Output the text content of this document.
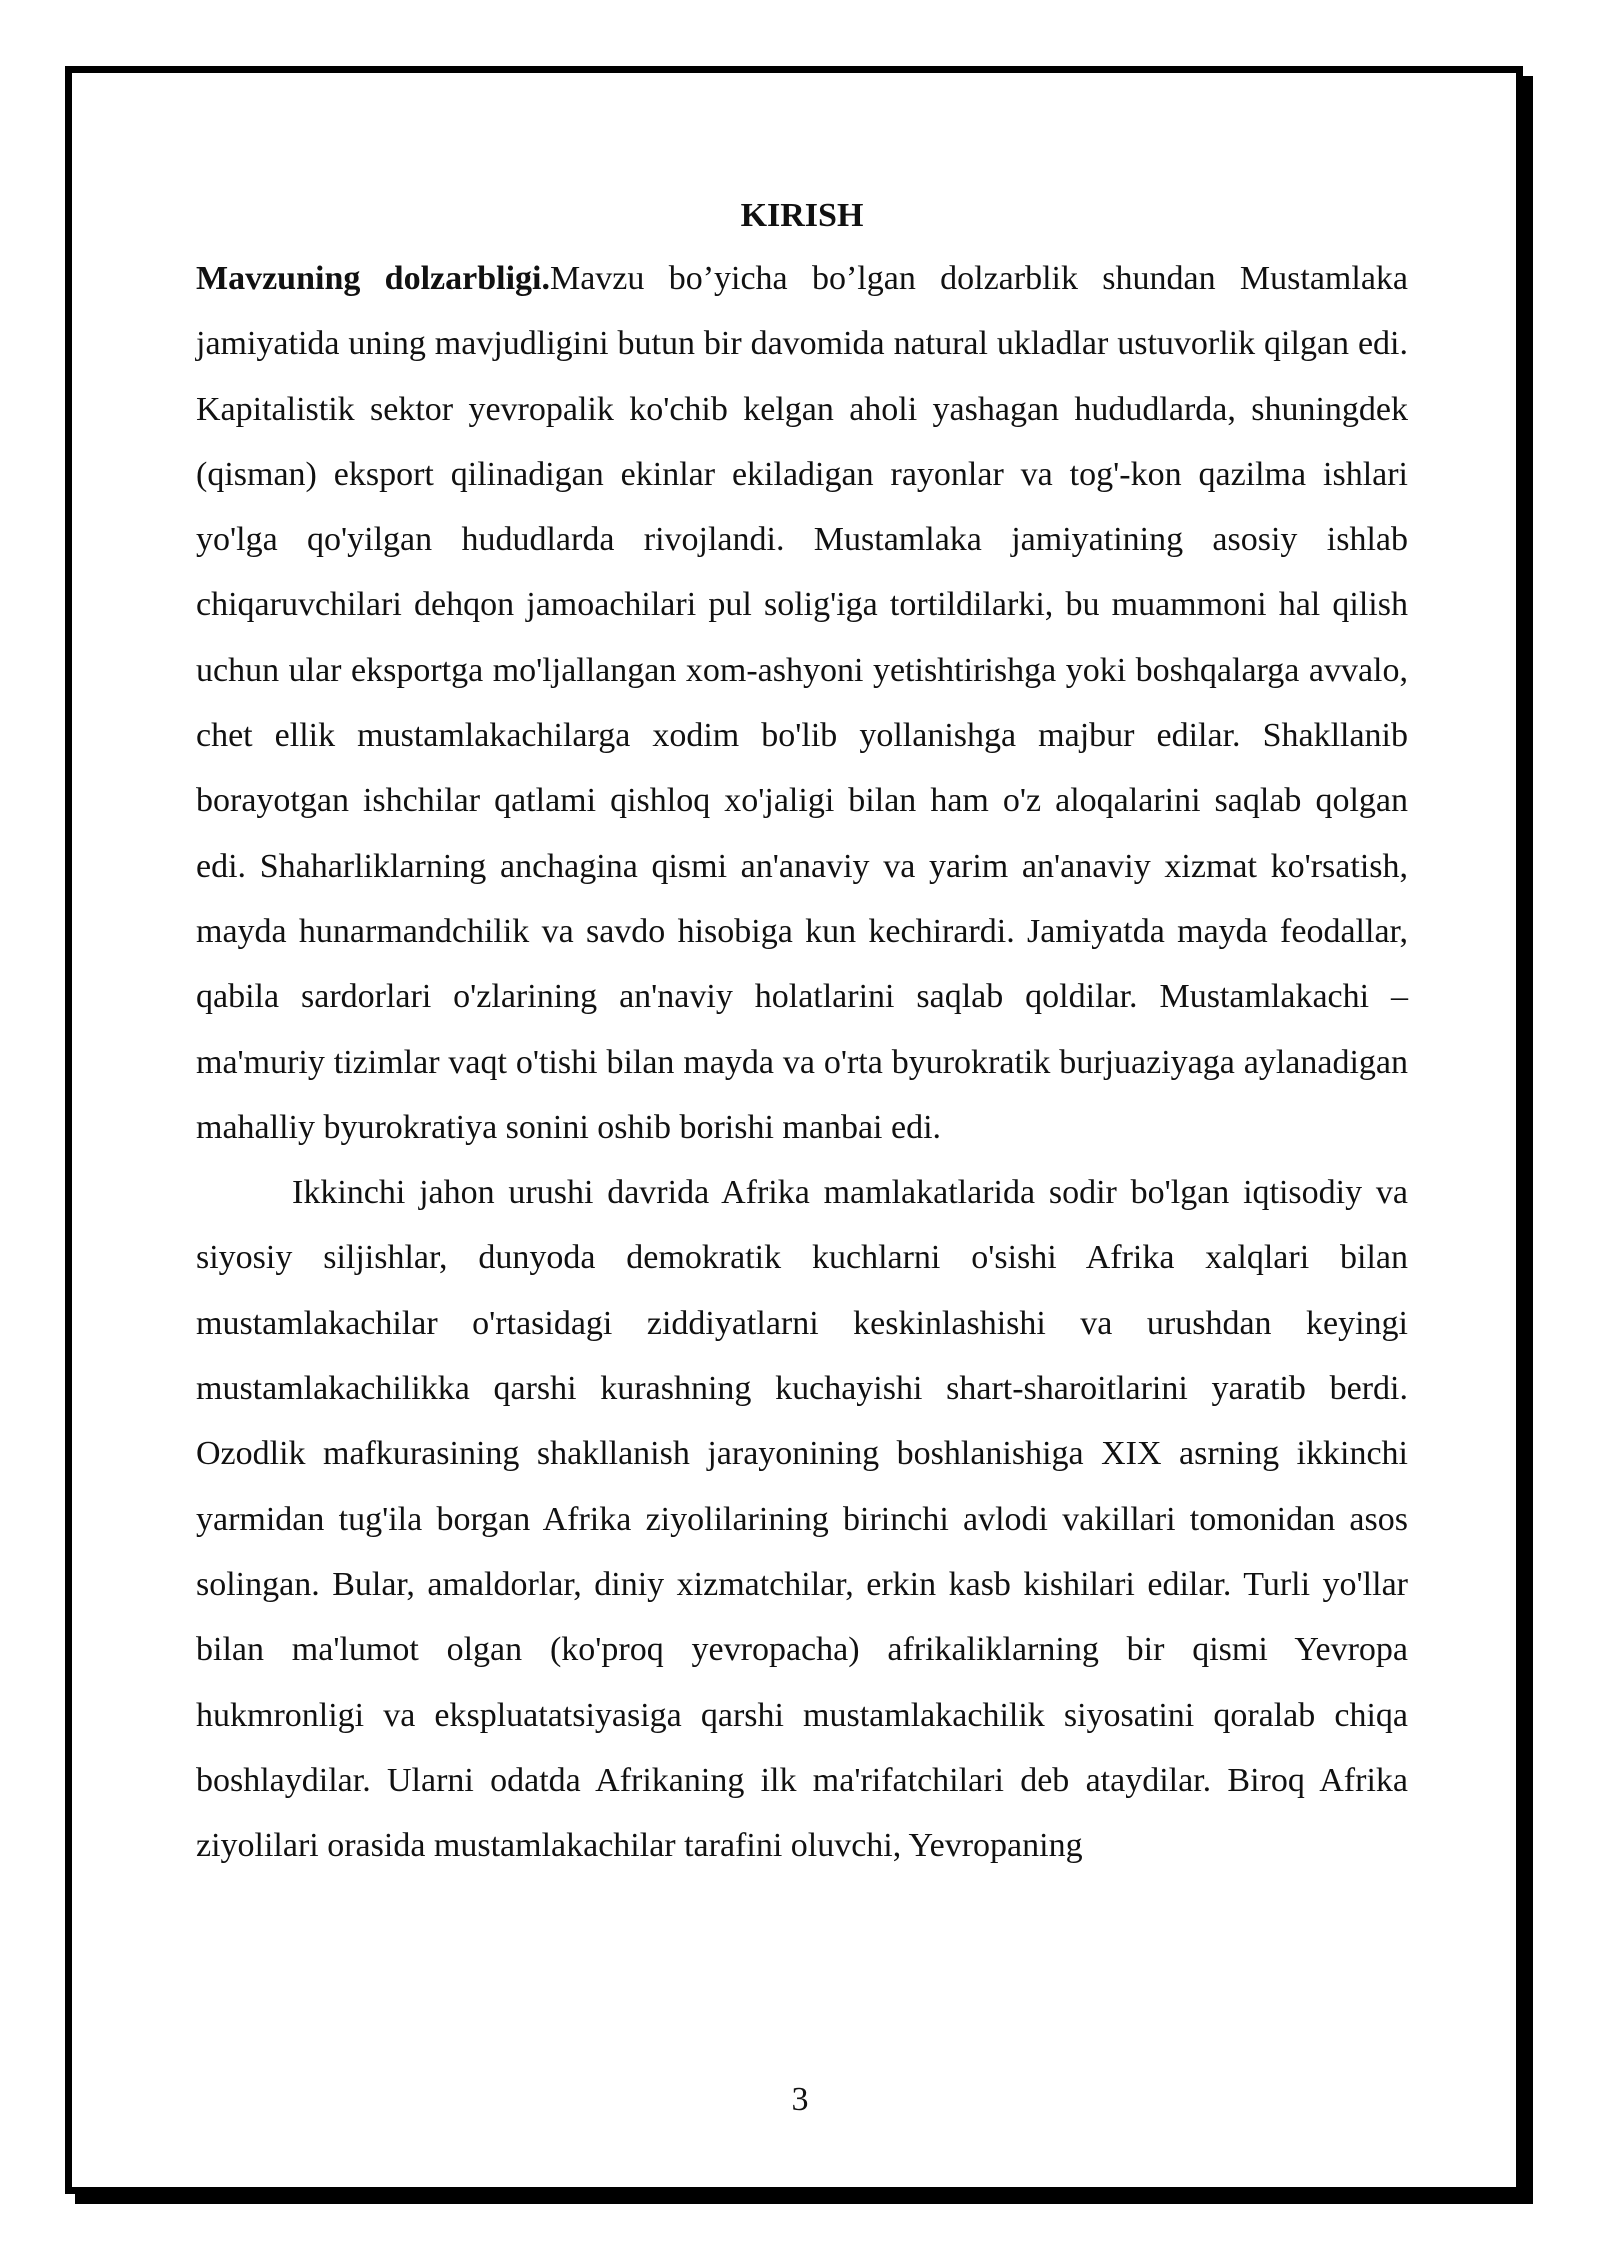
KIRISH

Mavzuning dolzarbligi.Mavzu bo’yicha bo’lgan dolzarblik shundan Mustamlaka jamiyatida uning mavjudligini butun bir davomida natural ukladlar ustuvorlik qilgan edi. Kapitalistik sektor yevropalik ko'chib kelgan aholi yashagan hududlarda, shuningdek (qisman) eksport qilinadigan ekinlar ekiladigan rayonlar va tog'-kon qazilma ishlari yo'lga qo'yilgan hududlarda rivojlandi. Mustamlaka jamiyatining asosiy ishlab chiqaruvchilari dehqon jamoachilari pul solig'iga tortildilarki, bu muammoni hal qilish uchun ular eksportga mo'ljallangan xom-ashyoni yetishtirishga yoki boshqalarga avvalo, chet ellik mustamlakachilarga xodim bo'lib yollanishga majbur edilar. Shakllanib borayotgan ishchilar qatlami qishloq xo'jaligi bilan ham o'z aloqalarini saqlab qolgan edi. Shaharliklarning anchagina qismi an'anaviy va yarim an'anaviy xizmat ko'rsatish, mayda hunarmandchilik va savdo hisobiga kun kechirardi. Jamiyatda mayda feodallar, qabila sardorlari o'zlarining an'naviy holatlarini saqlab qoldilar. Mustamlakachi – ma'muriy tizimlar vaqt o'tishi bilan mayda va o'rta byurokratik burjuaziyaga aylanadigan mahalliy byurokratiya sonini oshib borishi manbai edi.

Ikkinchi jahon urushi davrida Afrika mamlakatlarida sodir bo'lgan iqtisodiy va siyosiy siljishlar, dunyoda demokratik kuchlarni o'sishi Afrika xalqlari bilan mustamlakachilar o'rtasidagi ziddiyatlarni keskinlashishi va urushdan keyingi mustamlakachilikka qarshi kurashning kuchayishi shart-sharoitlarini yaratib berdi. Ozodlik mafkurasining shakllanish jarayonining boshlanishiga XIX asrning ikkinchi yarmidan tug'ila borgan Afrika ziyolilarining birinchi avlodi vakillari tomonidan asos solingan. Bular, amaldorlar, diniy xizmatchilar, erkin kasb kishilari edilar. Turli yo'llar bilan ma'lumot olgan (ko'proq yevropacha) afrikaliklarning bir qismi Yevropa hukmronligi va ekspluatatsiyasiga qarshi mustamlakachilik siyosatini qoralab chiqa boshlaydilar. Ularni odatda Afrikaning ilk ma'rifatchilari deb ataydilar. Biroq Afrika ziyolilari orasida mustamlakachilar tarafini oluvchi, Yevropaning

3
